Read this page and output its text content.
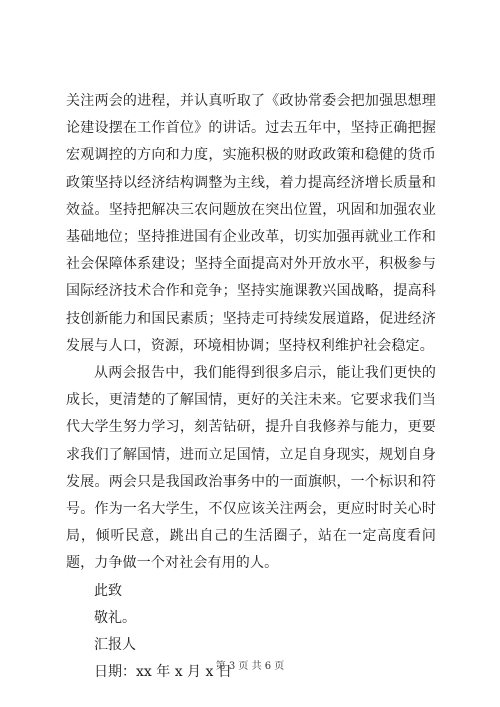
关注两会的进程，并认真听取了《政协常委会把加强思想理论建设摆在工作首位》的讲话。过去五年中，坚持正确把握宏观调控的方向和力度，实施积极的财政政策和稳健的货币政策坚持以经济结构调整为主线，着力提高经济增长质量和效益。坚持把解决三农问题放在突出位置，巩固和加强农业基础地位；坚持推进国有企业改革，切实加强再就业工作和社会保障体系建设；坚持全面提高对外开放水平，积极参与国际经济技术合作和竞争；坚持实施课教兴国战略，提高科技创新能力和国民素质；坚持走可持续发展道路，促进经济发展与人口，资源，环境相协调；坚持权利维护社会稳定。

从两会报告中，我们能得到很多启示，能让我们更快的成长，更清楚的了解国情，更好的关注未来。它要求我们当代大学生努力学习，刻苦钻研，提升自我修养与能力，更要求我们了解国情，进而立足国情，立足自身现实，规划自身发展。两会只是我国政治事务中的一面旗帜，一个标识和符号。作为一名大学生，不仅应该关注两会，更应时时关心时局，倾听民意，跳出自己的生活圈子，站在一定高度看问题，力争做一个对社会有用的人。

此致

敬礼。

汇报人

日期：xx 年 x 月 x 日

第 3 页 共 6 页
